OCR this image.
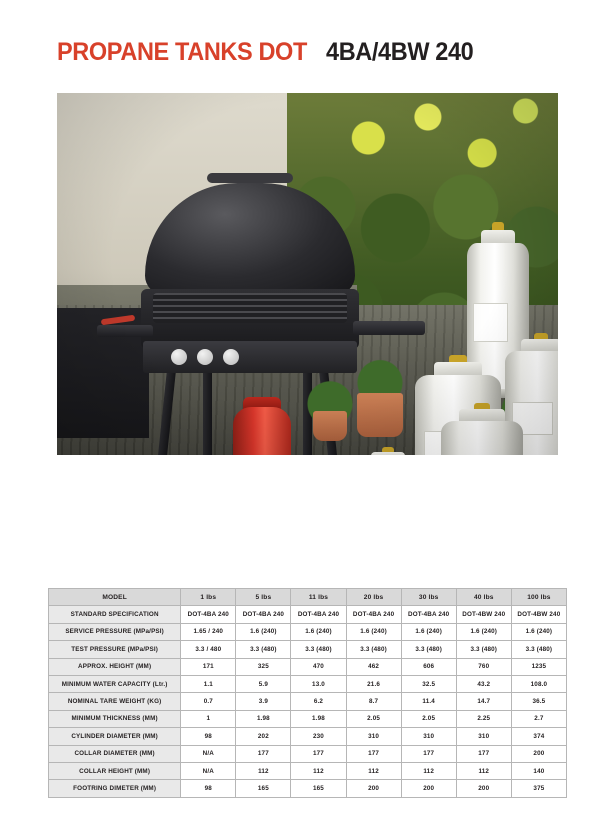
PROPANE TANKS DOT 4BA/4BW 240
MODEL	1 lbs	5 lbs	11 lbs	20 lbs	30 lbs	40 lbs	100 lbs
STANDARD SPECIFICATION	DOT-4BA 240	DOT-4BA 240	DOT-4BA 240	DOT-4BA 240	DOT-4BA 240	DOT-4BW 240	DOT-4BW 240
SERVICE PRESSURE (MPa/PSI)	1.65 / 240	1.6 (240)	1.6 (240)	1.6 (240)	1.6 (240)	1.6 (240)	1.6 (240)
TEST PRESSURE (MPa/PSI)	3.3 / 480	3.3 (480)	3.3 (480)	3.3 (480)	3.3 (480)	3.3 (480)	3.3 (480)
APPROX. HEIGHT (MM)	171	325	470	462	606	760	1235
MINIMUM WATER CAPACITY (Ltr.)	1.1	5.9	13.0	21.6	32.5	43.2	108.0
NOMINAL TARE WEIGHT (KG)	0.7	3.9	6.2	8.7	11.4	14.7	36.5
MINIMUM THICKNESS (MM)	1	1.98	1.98	2.05	2.05	2.25	2.7
CYLINDER DIAMETER (MM)	98	202	230	310	310	310	374
COLLAR DIAMETER (MM)	N/A	177	177	177	177	177	200
COLLAR HEIGHT (MM)	N/A	112	112	112	112	112	140
FOOTRING DIMETER (MM)	98	165	165	200	200	200	375
